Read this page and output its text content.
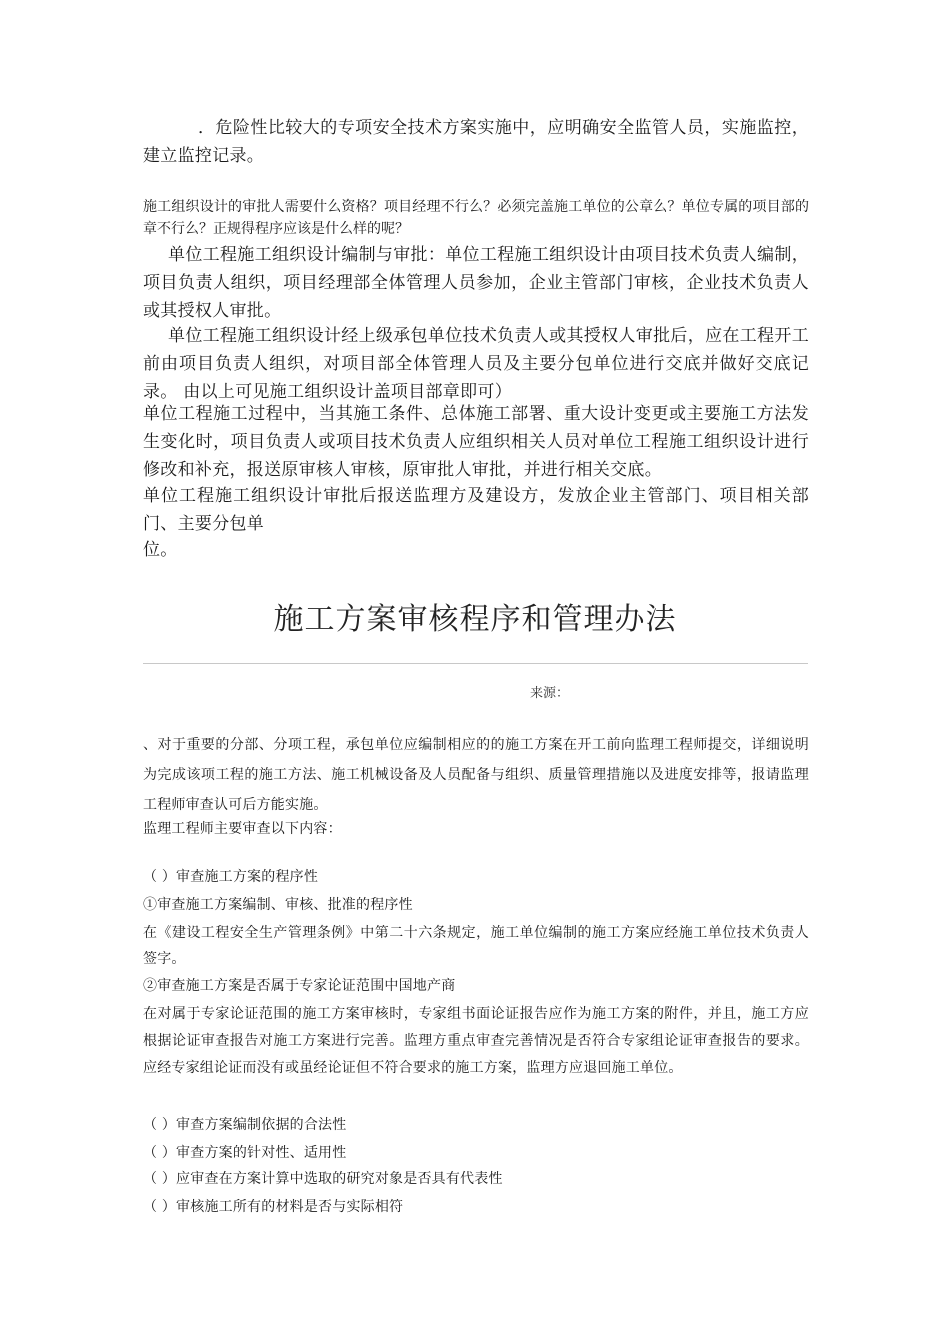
．危险性比较大的专项安全技术方案实施中，应明确安全监管人员，实施监控，建立监控记录。

施工组织设计的审批人需要什么资格？项目经理不行么？必须完盖施工单位的公章么？单位专属的项目部的章不行么？正规得程序应该是什么样的呢？

单位工程施工组织设计编制与审批：单位工程施工组织设计由项目技术负责人编制，项目负责人组织，项目经理部全体管理人员参加，企业主管部门审核，企业技术负责人或其授权人审批。

单位工程施工组织设计经上级承包单位技术负责人或其授权人审批后，应在工程开工前由项目负责人组织，对项目部全体管理人员及主要分包单位进行交底并做好交底记录。 由以上可见施工组织设计盖项目部章即可）

单位工程施工过程中，当其施工条件、总体施工部署、重大设计变更或主要施工方法发生变化时，项目负责人或项目技术负责人应组织相关人员对单位工程施工组织设计进行修改和补充，报送原审核人审核，原审批人审批，并进行相关交底。

单位工程施工组织设计审批后报送监理方及建设方，发放企业主管部门、项目相关部门、主要分包单

位。

施工方案审核程序和管理办法
来源：

、对于重要的分部、分项工程，承包单位应编制相应的的施工方案在开工前向监理工程师提交，详细说明为完成该项工程的施工方法、施工机械设备及人员配备与组织、质量管理措施以及进度安排等，报请监理工程师审查认可后方能实施。

监理工程师主要审查以下内容：

（ ）审查施工方案的程序性

①审查施工方案编制、审核、批准的程序性

在《建设工程安全生产管理条例》中第二十六条规定，施工单位编制的施工方案应经施工单位技术负责人签字。

②审查施工方案是否属于专家论证范围中国地产商

在对属于专家论证范围的施工方案审核时，专家组书面论证报告应作为施工方案的附件，并且，施工方应根据论证审查报告对施工方案进行完善。监理方重点审查完善情况是否符合专家组论证审查报告的要求。应经专家组论证而没有或虽经论证但不符合要求的施工方案，监理方应退回施工单位。

（ ）审查方案编制依据的合法性

（ ）审查方案的针对性、适用性

（ ）应审查在方案计算中选取的研究对象是否具有代表性

（ ）审核施工所有的材料是否与实际相符
